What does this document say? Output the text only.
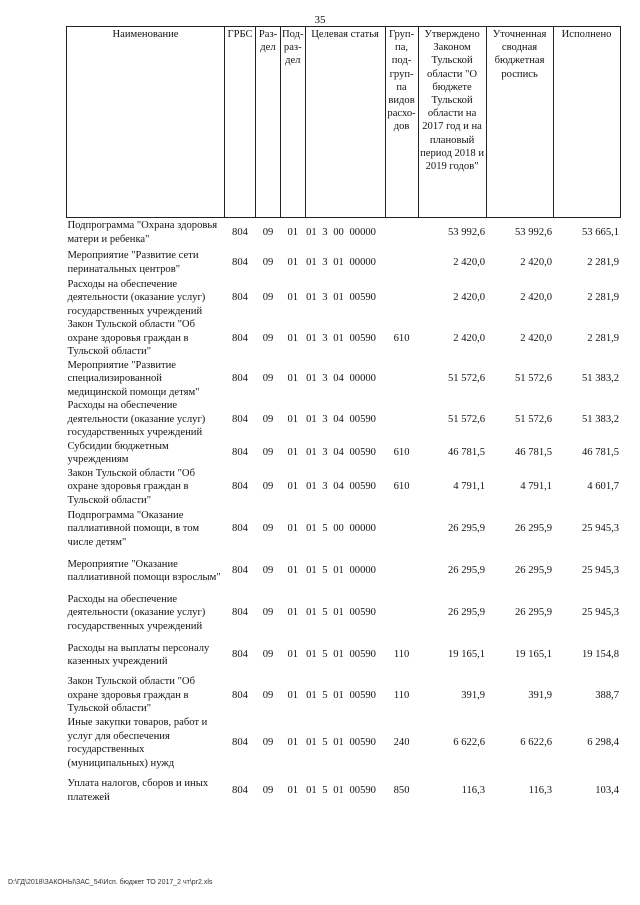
35
Наименование	ГРБС	Раз-дел	Под-раз-дел	Целевая статья	Груп-па, под-груп-па видов расхо-дов	Утверждено Законом Тульской области "О бюджете Тульской области на 2017 год и на плановый период 2018 и 2019 годов"	Уточненная сводная бюджетная роспись	Исполнено
Подпрограмма "Охрана здоровья матери и ребенка"	804	09	01	01 3 00 00000		53 992,6	53 992,6	53 665,1
Мероприятие "Развитие сети перинатальных центров"	804	09	01	01 3 01 00000		2 420,0	2 420,0	2 281,9
Расходы на обеспечение деятельности (оказание услуг) государственных учреждений	804	09	01	01 3 01 00590		2 420,0	2 420,0	2 281,9
Закон Тульской области "Об охране здоровья граждан в Тульской области"	804	09	01	01 3 01 00590	610	2 420,0	2 420,0	2 281,9
Мероприятие "Развитие специализированной медицинской помощи детям"	804	09	01	01 3 04 00000		51 572,6	51 572,6	51 383,2
Расходы на обеспечение деятельности (оказание услуг) государственных учреждений	804	09	01	01 3 04 00590		51 572,6	51 572,6	51 383,2
Субсидии бюджетным учреждениям	804	09	01	01 3 04 00590	610	46 781,5	46 781,5	46 781,5
Закон Тульской области "Об охране здоровья граждан в Тульской области"	804	09	01	01 3 04 00590	610	4 791,1	4 791,1	4 601,7
Подпрограмма "Оказание паллиативной помощи, в том числе детям"	804	09	01	01 5 00 00000		26 295,9	26 295,9	25 945,3
Мероприятие "Оказание паллиативной помощи взрослым"	804	09	01	01 5 01 00000		26 295,9	26 295,9	25 945,3
Расходы на обеспечение деятельности (оказание услуг) государственных учреждений	804	09	01	01 5 01 00590		26 295,9	26 295,9	25 945,3
Расходы на выплаты персоналу казенных учреждений	804	09	01	01 5 01 00590	110	19 165,1	19 165,1	19 154,8
Закон Тульской области "Об охране здоровья граждан в Тульской области"	804	09	01	01 5 01 00590	110	391,9	391,9	388,7
Иные закупки товаров, работ и услуг для обеспечения государственных (муниципальных) нужд	804	09	01	01 5 01 00590	240	6 622,6	6 622,6	6 298,4
Уплата налогов, сборов и иных платежей	804	09	01	01 5 01 00590	850	116,3	116,3	103,4
D:\ГД\2018\ЗАКОНЫ\ЗАС_54\Исп. бюджет ТО 2017_2 чт\pr2.xls
